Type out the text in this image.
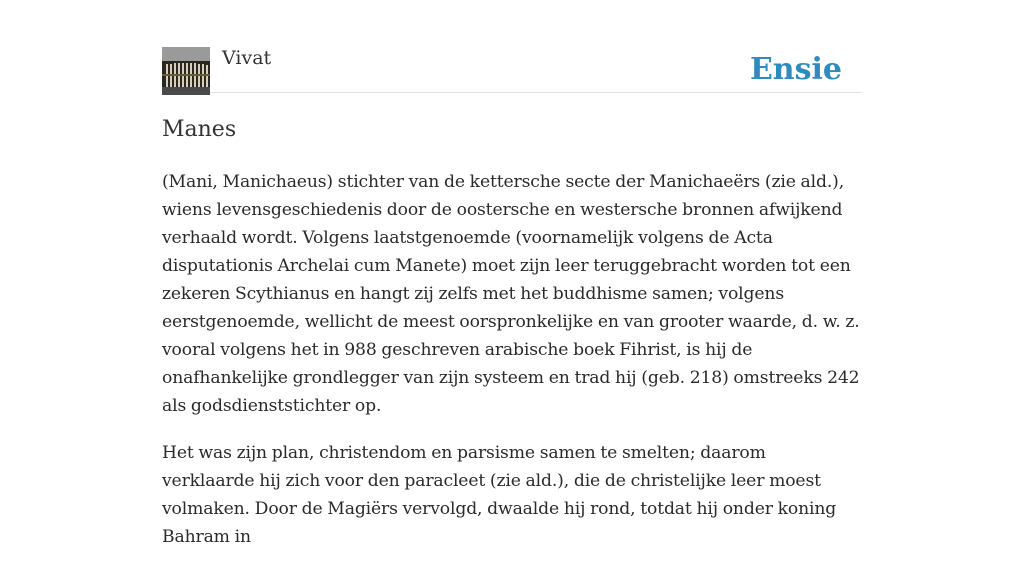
Vivat	Ensie
Manes

(Mani, Manichaeus) stichter van de kettersche secte der Manichaeërs (zie ald.), wiens levensgeschiedenis door de oostersche en westersche bronnen afwijkend verhaald wordt. Volgens laatstgenoemde (voornamelijk volgens de Acta disputationis Archelai cum Manete) moet zijn leer teruggebracht worden tot een zekeren Scythianus en hangt zij zelfs met het buddhisme samen; volgens eerstgenoemde, wellicht de meest oorspronkelijke en van grooter waarde, d. w. z. vooral volgens het in 988 geschreven arabische boek Fihrist, is hij de onafhankelijke grondlegger van zijn systeem en trad hij (geb. 218) omstreeks 242 als godsdienststichter op.

Het was zijn plan, christendom en parsisme samen te smelten; daarom verklaarde hij zich voor den paracleet (zie ald.), die de christelijke leer moest volmaken. Door de Magiërs vervolgd, dwaalde hij rond, totdat hij onder koning Bahram in
